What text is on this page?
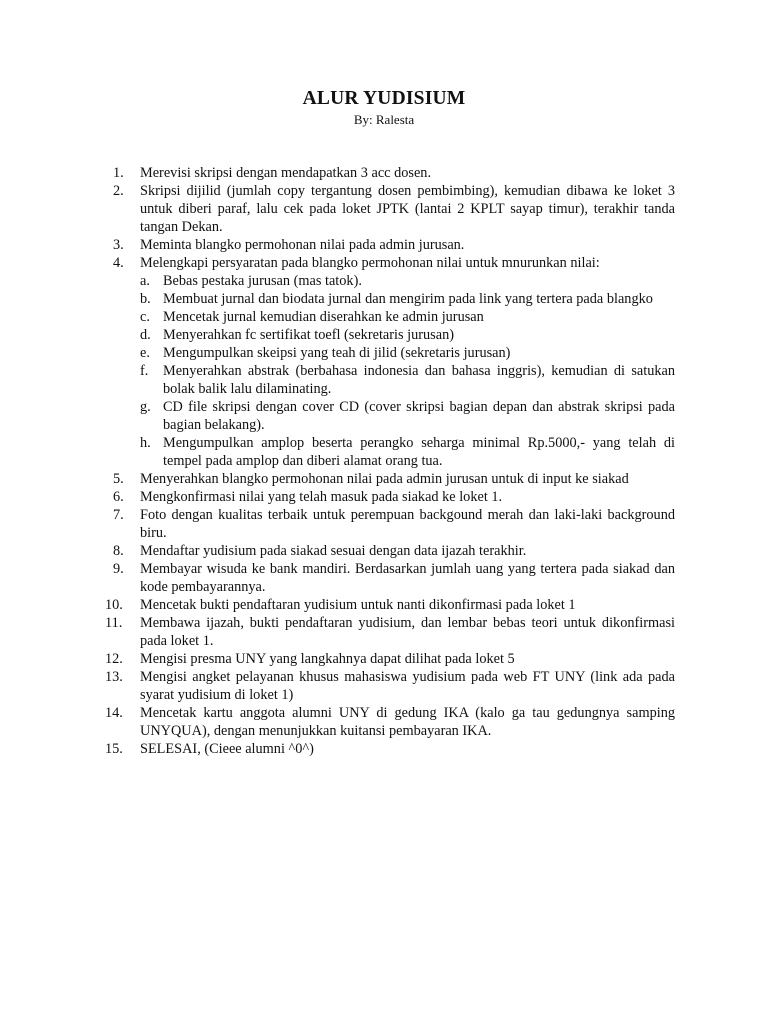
ALUR YUDISIUM
By: Ralesta
1. Merevisi skripsi dengan mendapatkan 3 acc dosen.
2. Skripsi dijilid (jumlah copy tergantung dosen pembimbing), kemudian dibawa ke loket 3 untuk diberi paraf, lalu cek pada loket JPTK (lantai 2 KPLT sayap timur), terakhir tanda tangan Dekan.
3. Meminta blangko permohonan nilai pada admin jurusan.
4. Melengkapi persyaratan pada blangko permohonan nilai untuk mnurunkan nilai:
a. Bebas pestaka jurusan (mas tatok).
b. Membuat jurnal dan biodata jurnal dan mengirim pada link yang tertera pada blangko
c. Mencetak jurnal kemudian diserahkan ke admin jurusan
d. Menyerahkan fc sertifikat toefl (sekretaris jurusan)
e. Mengumpulkan skeipsi yang teah di jilid (sekretaris jurusan)
f. Menyerahkan abstrak (berbahasa indonesia dan bahasa inggris), kemudian di satukan bolak balik lalu dilaminating.
g. CD file skripsi dengan cover CD (cover skripsi bagian depan dan abstrak skripsi pada bagian belakang).
h. Mengumpulkan amplop beserta perangko seharga minimal Rp.5000,- yang telah di tempel pada amplop dan diberi alamat orang tua.
5. Menyerahkan blangko permohonan nilai pada admin jurusan untuk di input ke siakad
6. Mengkonfirmasi nilai yang telah masuk pada siakad ke loket 1.
7. Foto dengan kualitas terbaik untuk perempuan backgound merah dan laki-laki background biru.
8. Mendaftar yudisium pada siakad sesuai dengan data ijazah terakhir.
9. Membayar wisuda ke bank mandiri. Berdasarkan jumlah uang yang tertera pada siakad dan kode pembayarannya.
10. Mencetak bukti pendaftaran yudisium untuk nanti dikonfirmasi pada loket 1
11. Membawa ijazah, bukti pendaftaran yudisium, dan lembar bebas teori untuk dikonfirmasi pada loket 1.
12. Mengisi presma UNY yang langkahnya dapat dilihat pada loket 5
13. Mengisi angket pelayanan khusus mahasiswa yudisium pada web FT UNY (link ada pada syarat yudisium di loket 1)
14. Mencetak kartu anggota alumni UNY di gedung IKA (kalo ga tau gedungnya samping UNYQUA), dengan menunjukkan kuitansi pembayaran IKA.
15. SELESAI, (Cieee alumni ^0^)
